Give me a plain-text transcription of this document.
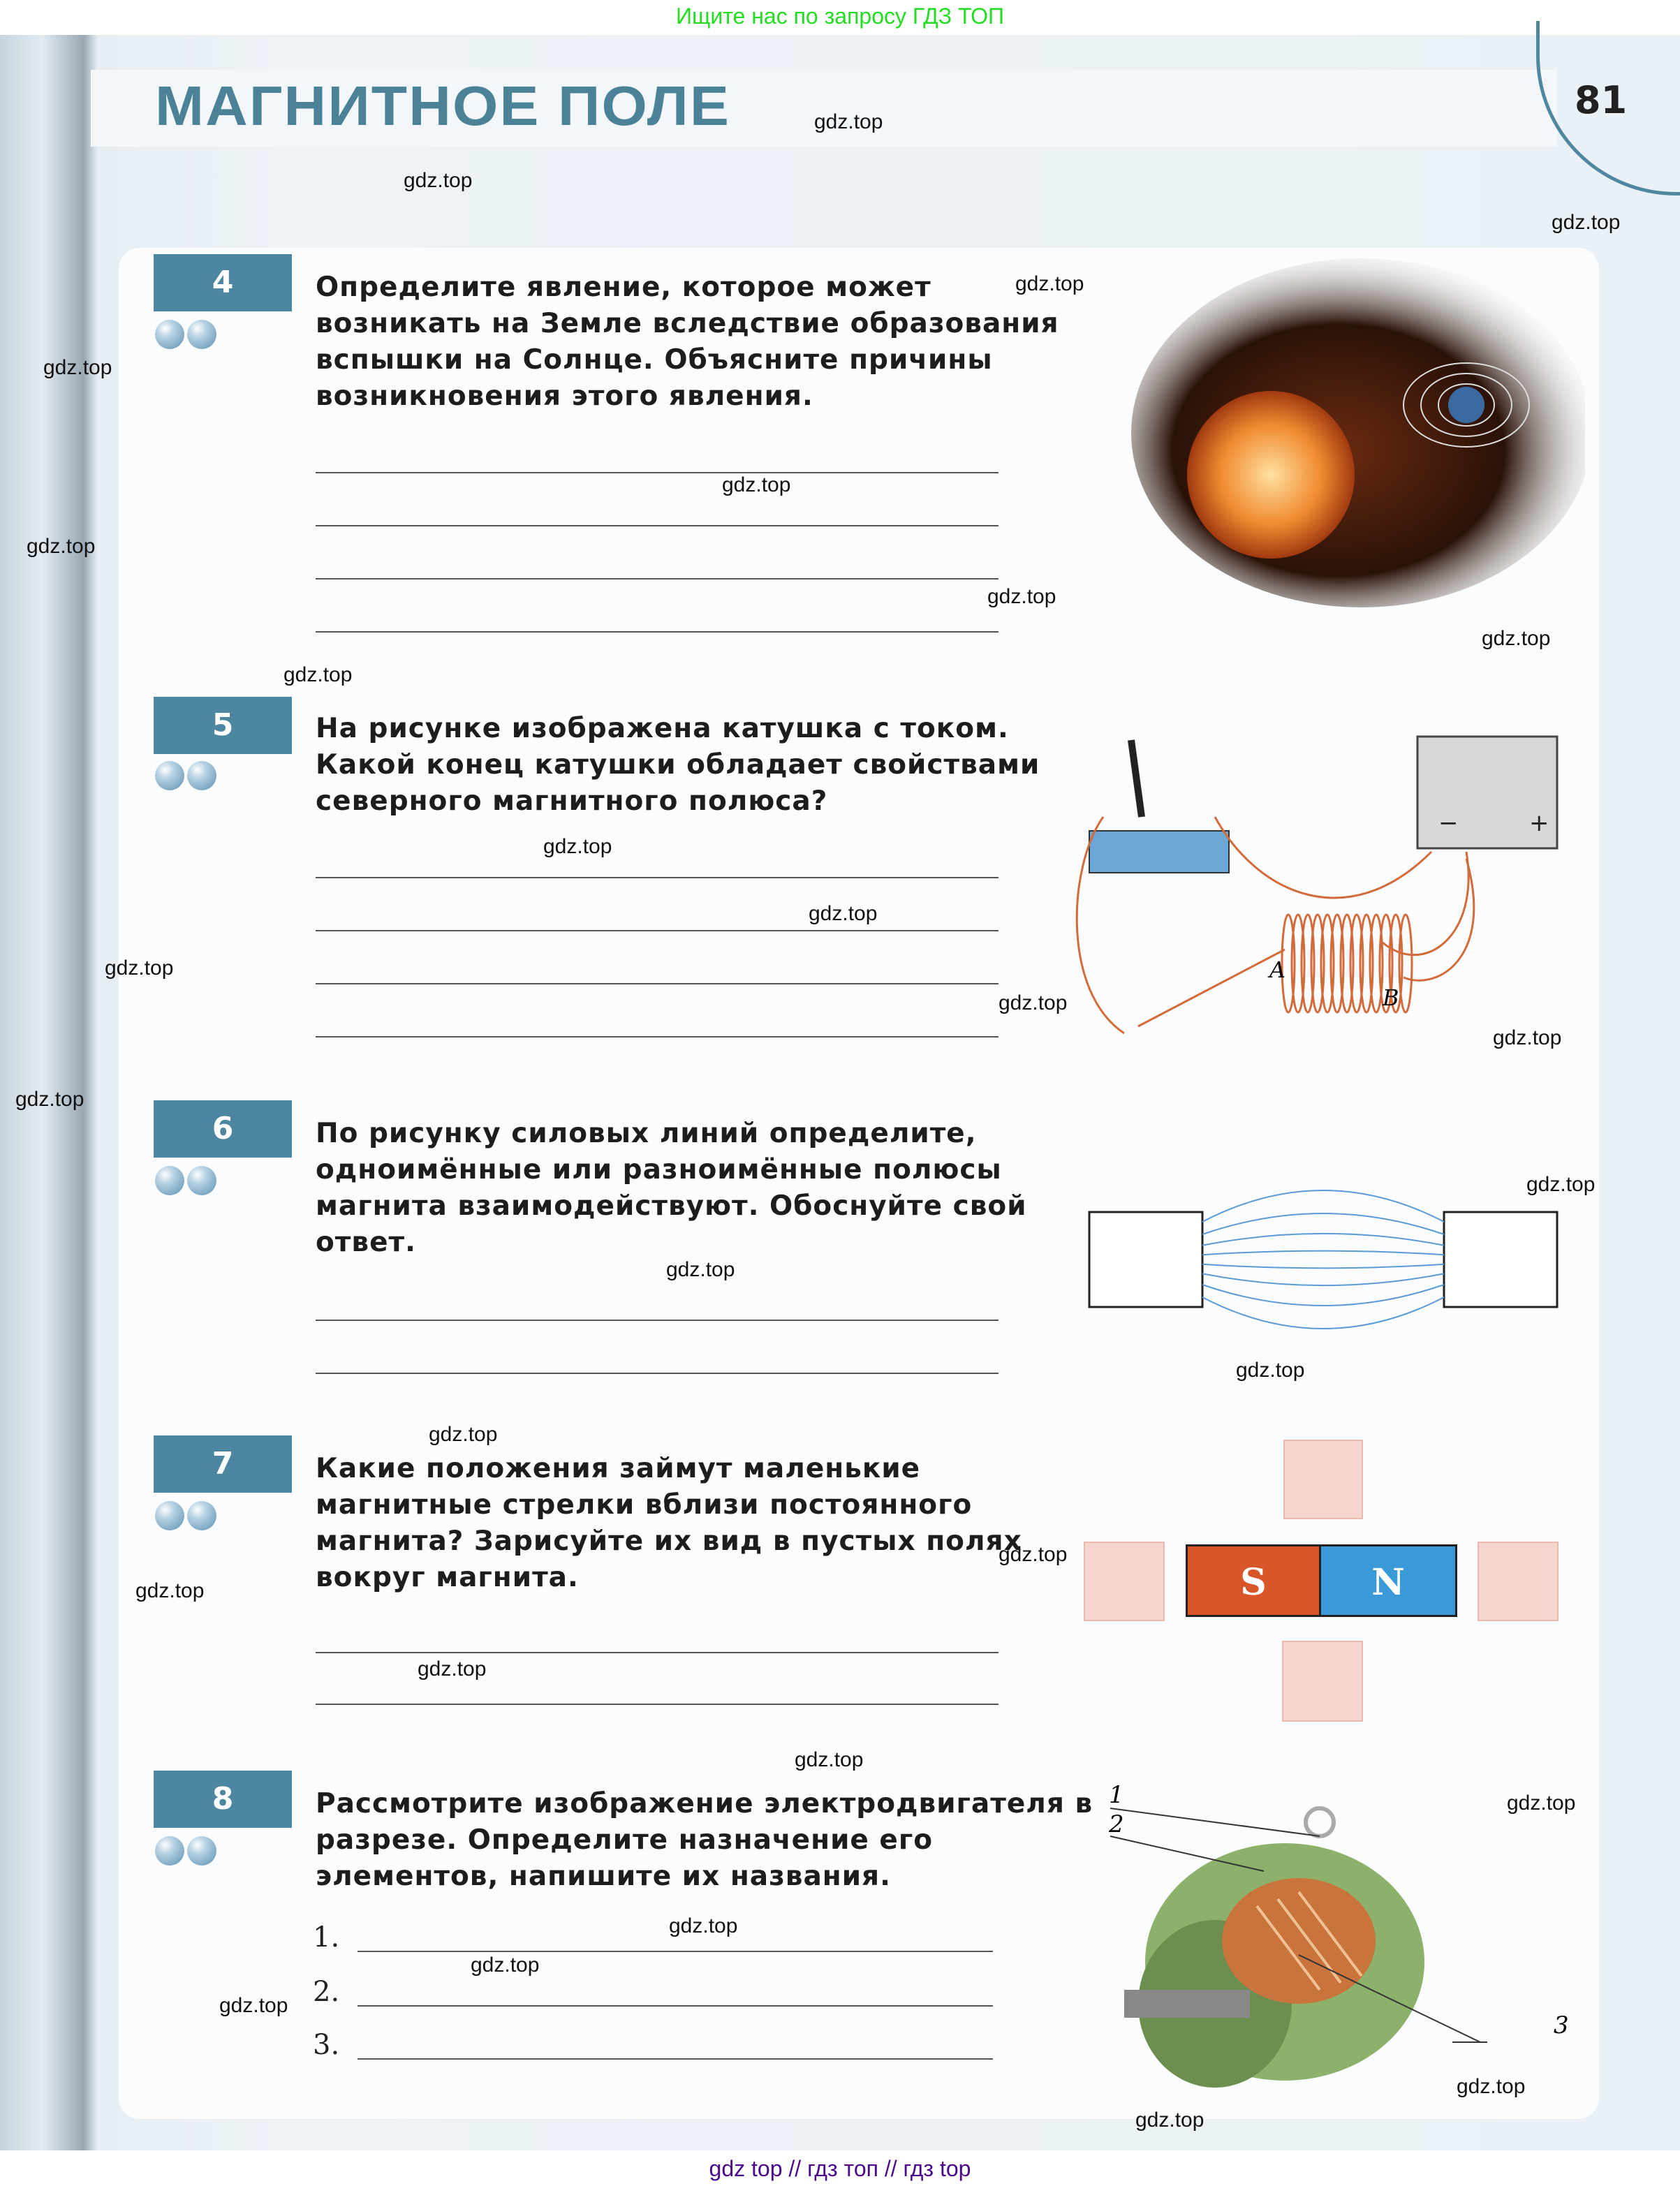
Ищите нас по запросу ГДЗ ТОП
МАГНИТНОЕ ПОЛЕ	81
4	Определите явление, которое может возникать на Земле вследствие образования вспышки на Солнце. Объясните причины возникновения этого явления.
5	На рисунке изображена катушка с током. Какой конец катушки обладает свойствами северного магнитного полюса?
−	+
A
B
6	По рисунку силовых линий определите, одноимённые или разноимённые полюсы магнита взаимодействуют. Обоснуйте свой ответ.
7	Какие положения займут маленькие магнитные стрелки вблизи постоянного магнита? Зарисуйте их вид в пустых полях вокруг магнита.	S	N
8	Рассмотрите изображение электродвигателя в разрезе. Определите назначение его элементов, напишите их названия.
1.
2.
3.
1
2
3
gdz.top
gdz.top
gdz.top
gdz.top
gdz.top
gdz.top
gdz.top
gdz.top
gdz.top
gdz.top
gdz.top
gdz.top
gdz.top
gdz.top
gdz.top
gdz.top
gdz.top
gdz.top
gdz.top
gdz.top
gdz.top
gdz.top
gdz.top
gdz.top
gdz.top
gdz.top
gdz.top
gdz.top
gdz.top
gdz.top
gdz top // гдз топ // гдз top
